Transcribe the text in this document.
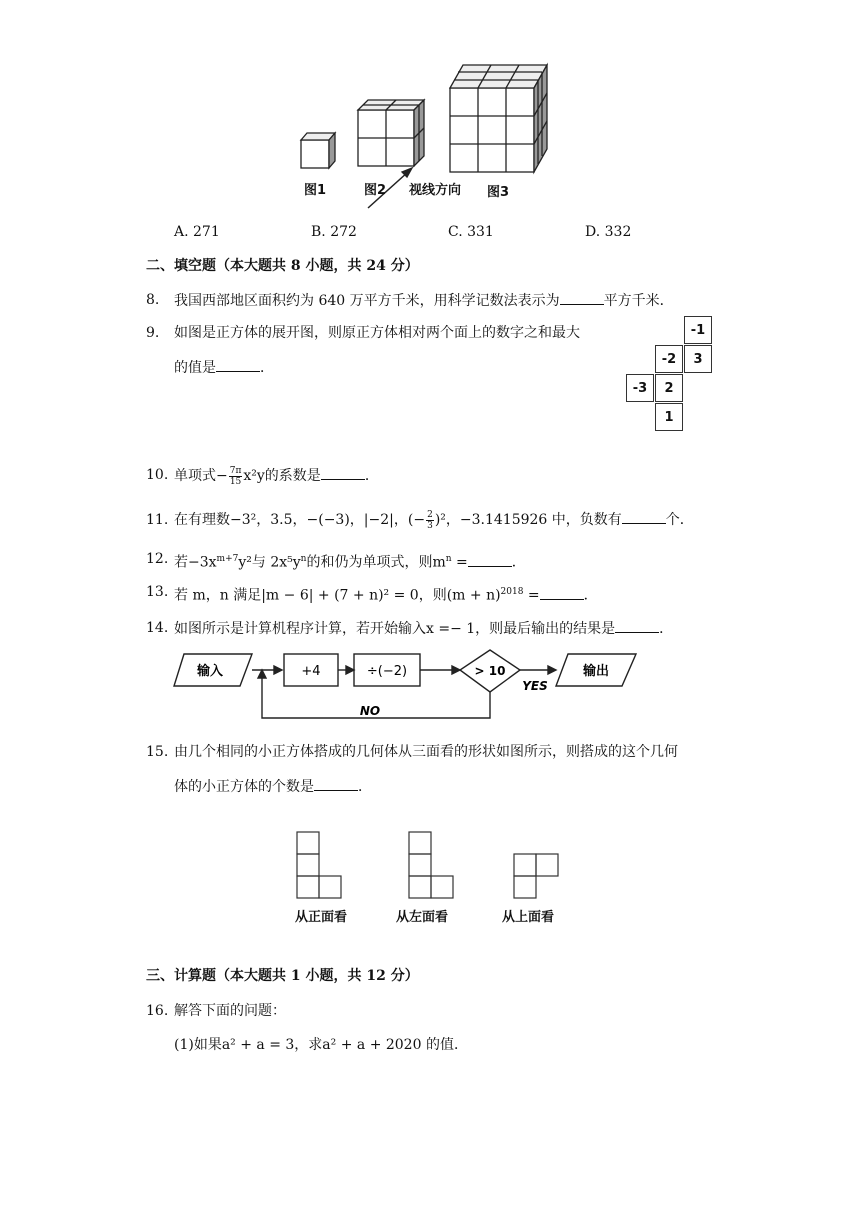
图1	图2 视线方向 图3
A. 271	B. 272	C. 331	D. 332
二、填空题（本大题共 8 小题，共 24 分）
8. 我国西部地区面积约为 640 万平方千米，用科学记数法表示为	平方千米．
9. 如图是正方体的展开图，则原正方体相对两个面上的数字之和最大
的值是	．
-1
-2	3
-3	2
1
10. 单项式− $\frac{7\pi}{15} x^2y$的系数是	．
11. 在有理数−3²，3.5，−(−3)，|−2|，(− $\frac{2}{3} )^2$，−3.1415926 中，负数有	个．
12. 若$-3x^{m+7}y^2$与 $2x^5y^n$的和仍为单项式，则$m^n$ =	．
13. 若 m，n 满足|m − 6| + (7 + n)² = 0，则$(m + n)^{2018}$ =	．
14. 如图所示是计算机程序计算，若开始输入x =− 1，则最后输出的结果是	．
输入	+4	÷(−2)	> 10
YES
输出
NO
15. 由几个相同的小正方体搭成的几何体从三面看的形状如图所示，则搭成的这个几何
体的小正方体的个数是	．
从正面看	从左面看	从上面看
三、计算题（本大题共 1 小题，共 12 分）
16. 解答下面的问题：
(1)如果a² + a = 3，求a² + a + 2020 的值．
